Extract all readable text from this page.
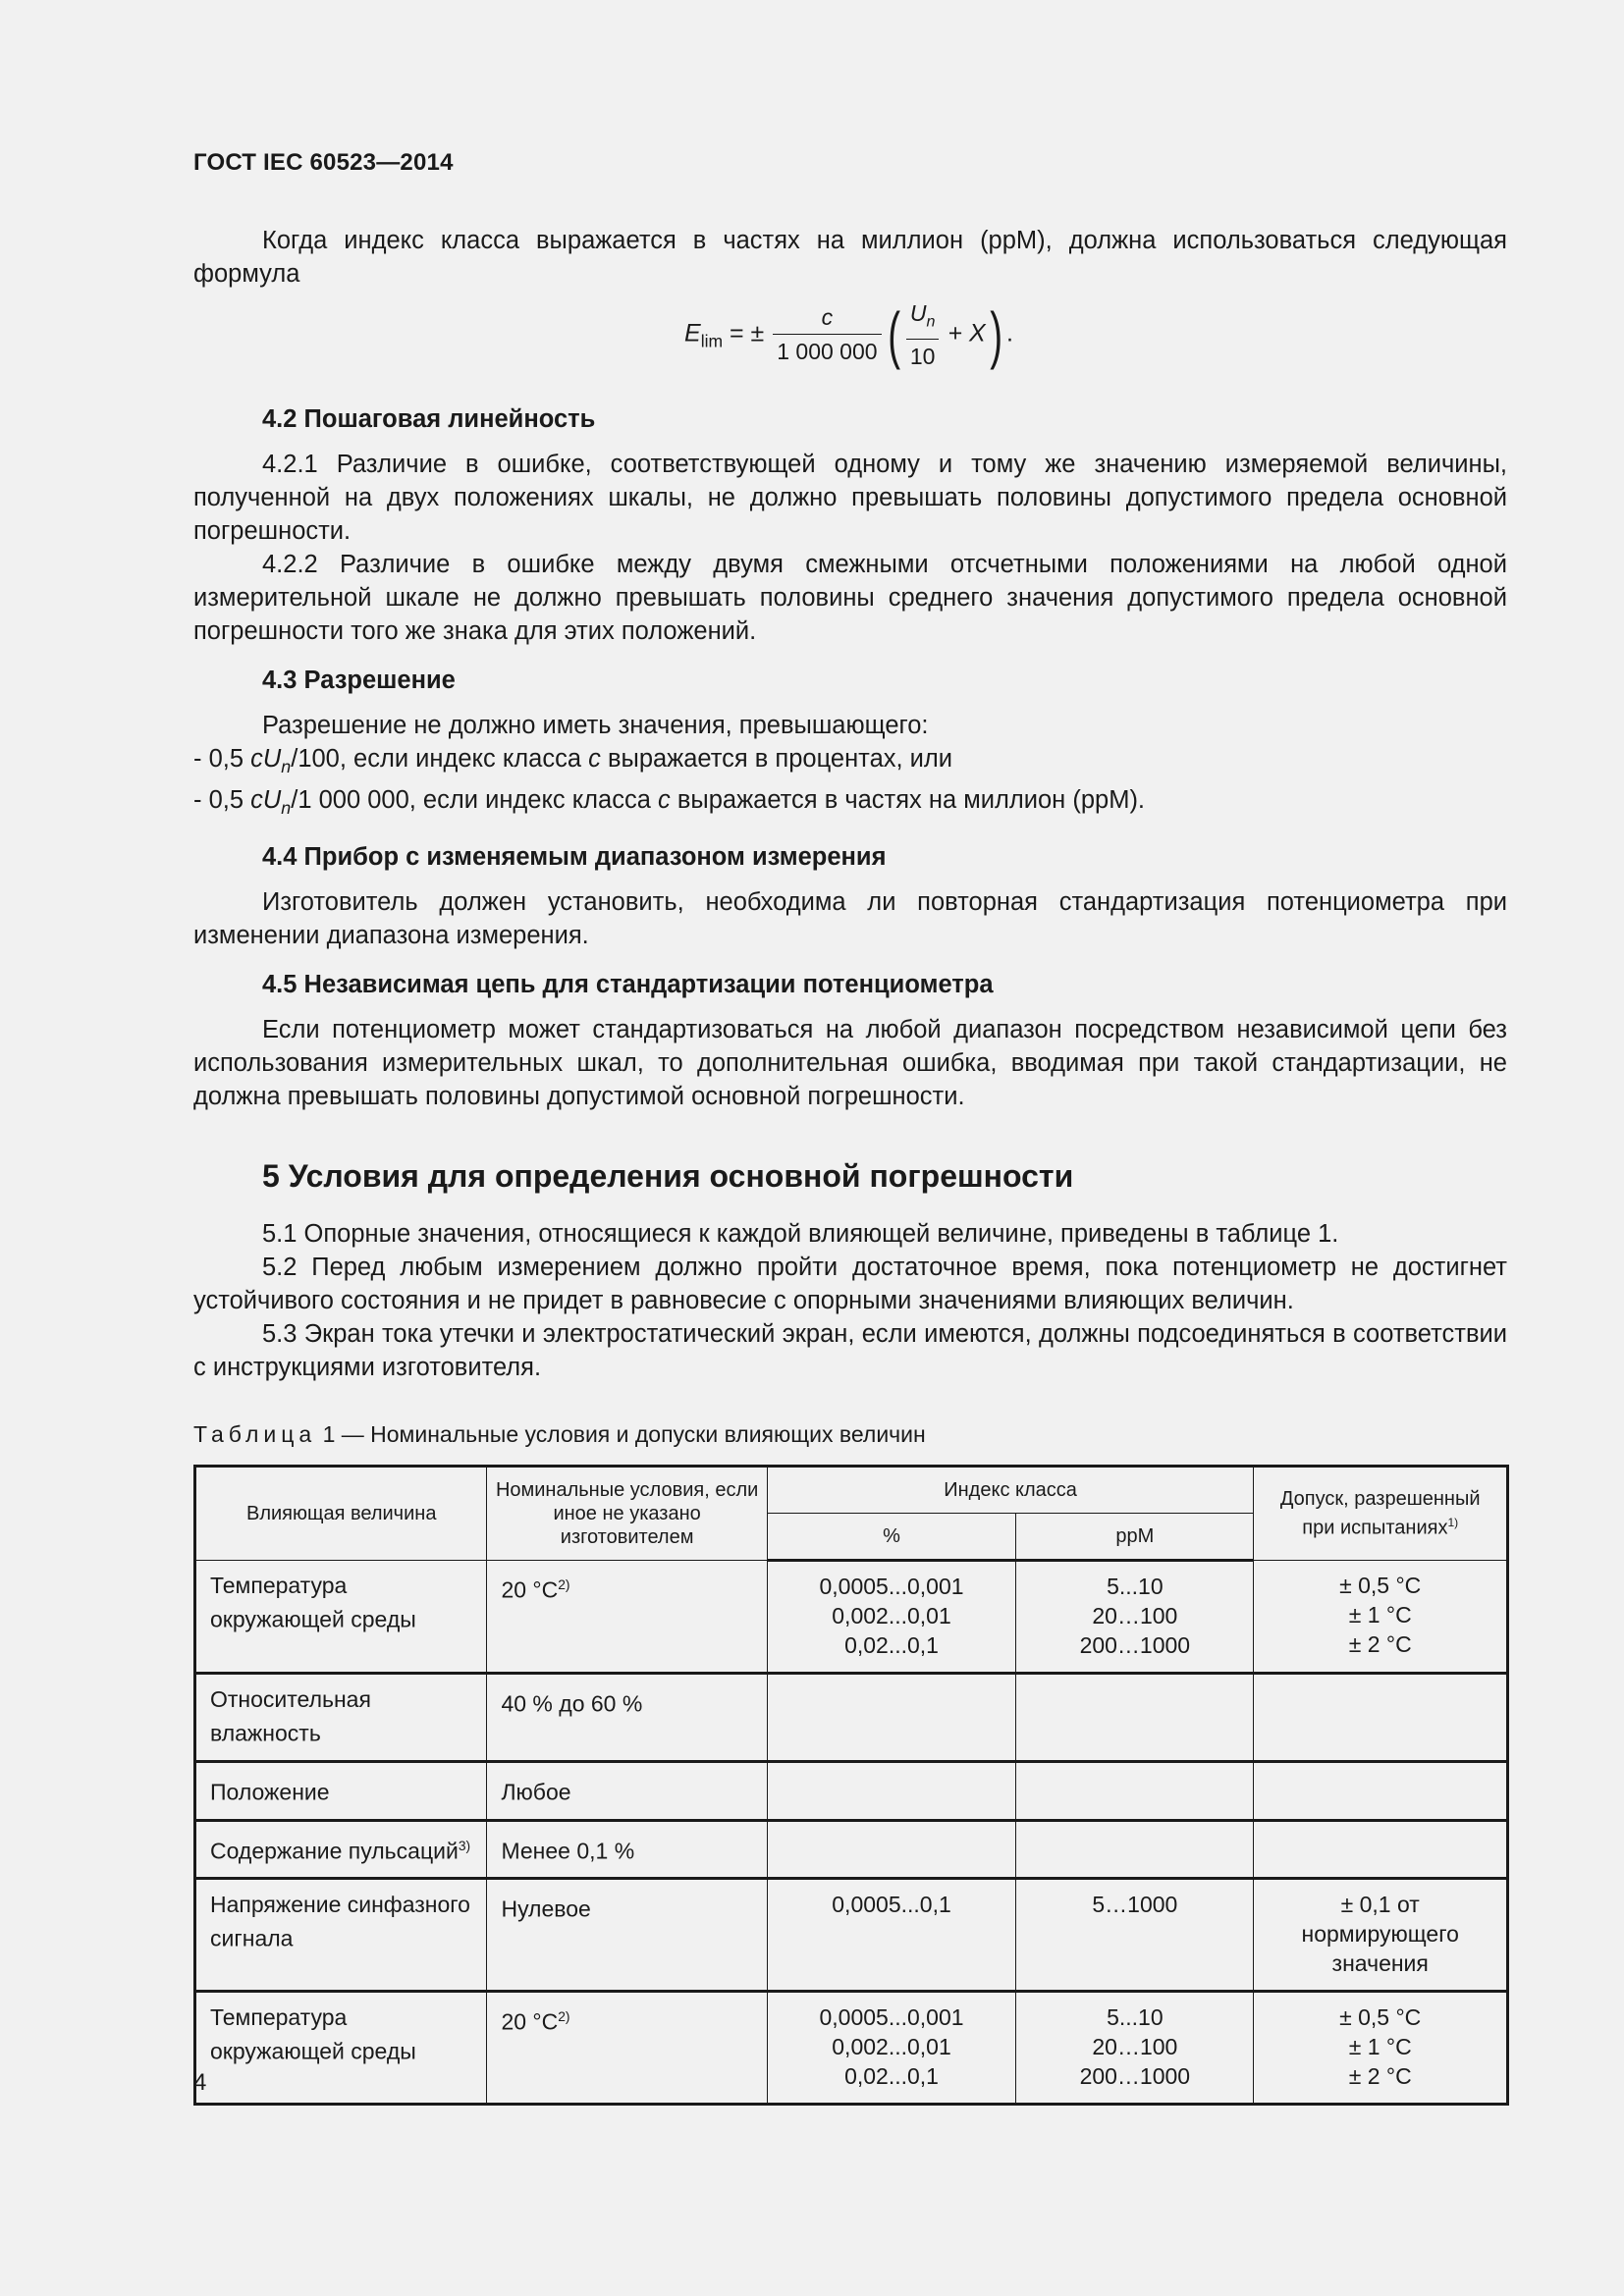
ГОСТ IEC 60523—2014

Когда индекс класса выражается в частях на миллион (ppM), должна использоваться следующая формула

$E_{lim}$ = ± $\frac{c}{1 000 000}$ ( $\frac{U_n}{10} + X$) .

4.2 Пошаговая линейность

4.2.1 Различие в ошибке, соответствующей одному и тому же значению измеряемой величины, полученной на двух положениях шкалы, не должно превышать половины допустимого предела основной погрешности.

4.2.2 Различие в ошибке между двумя смежными отсчетными положениями на любой одной измерительной шкале не должно превышать половины среднего значения допустимого предела основной погрешности того же знака для этих положений.

4.3 Разрешение

Разрешение не должно иметь значения, превышающего:

- 0,5 $cU_n/100$, если индекс класса c выражается в процентах, или

- 0,5 $cU_n/1$ 000 000, если индекс класса c выражается в частях на миллион (ppM).

4.4 Прибор с изменяемым диапазоном измерения

Изготовитель должен установить, необходима ли повторная стандартизация потенциометра при изменении диапазона измерения.

4.5 Независимая цепь для стандартизации потенциометра

Если потенциометр может стандартизоваться на любой диапазон посредством независимой цепи без использования измерительных шкал, то дополнительная ошибка, вводимая при такой стандартизации, не должна превышать половины допустимой основной погрешности.

5 Условия для определения основной погрешности

5.1 Опорные значения, относящиеся к каждой влияющей величине, приведены в таблице 1.

5.2 Перед любым измерением должно пройти достаточное время, пока потенциометр не достигнет устойчивого состояния и не придет в равновесие с опорными значениями влияющих величин.

5.3 Экран тока утечки и электростатический экран, если имеются, должны подсоединяться в соответствии с инструкциями изготовителя.

Таблица 1 — Номинальные условия и допуски влияющих величин

Влияющая величина	Номинальные условия, если иное не указано изготовителем	Индекс класса		Допуск, разрешенный при испытаниях$^{1)}$
		%	ppM	
Температура окружающей среды	20 $^\circ C^{2)}$	0,0005...0,001
0,002...0,01
0,02...0,1	5...10
20…100
200…1000	± 0,5 °C
± 1 °C
± 2 °C

Относительная влажность	40 % до 60 %			
Положение	Любое			
Содержание пульсаций$^{3)}$	Менее 0,1 %			
Напряжение синфазного сигнала	Нулевое	0,0005...0,1	5…1000	± 0,1 от нормирующего значения

Температура окружающей среды	20 $^\circ C^{2)}$	0,0005...0,001
0,002...0,01
0,02...0,1	5...10
20…100
200…1000	± 0,5 °C
± 1 °C
± 2 °C
4
